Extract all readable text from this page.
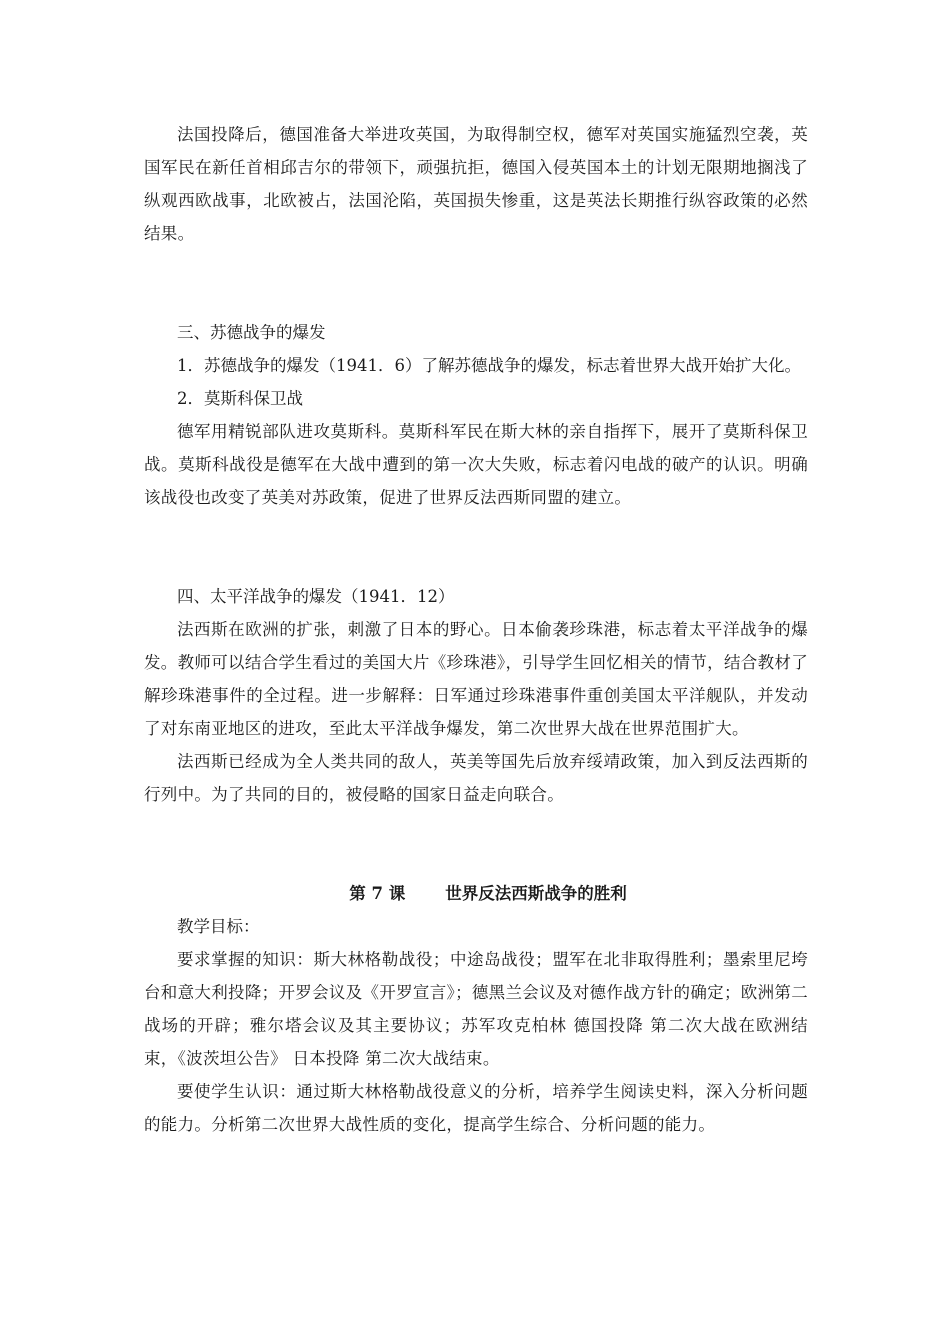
法国投降后，德国准备大举进攻英国，为取得制空权，德军对英国实施猛烈空袭，英国军民在新任首相邱吉尔的带领下，顽强抗拒，德国入侵英国本土的计划无限期地搁浅了纵观西欧战事，北欧被占，法国沦陷，英国损失惨重，这是英法长期推行纵容政策的必然结果。

三、苏德战争的爆发

1．苏德战争的爆发（1941．6）了解苏德战争的爆发，标志着世界大战开始扩大化。

2．莫斯科保卫战

德军用精锐部队进攻莫斯科。莫斯科军民在斯大林的亲自指挥下，展开了莫斯科保卫战。莫斯科战役是德军在大战中遭到的第一次大失败，标志着闪电战的破产的认识。明确该战役也改变了英美对苏政策，促进了世界反法西斯同盟的建立。

四、太平洋战争的爆发（1941．12）

法西斯在欧洲的扩张，刺激了日本的野心。日本偷袭珍珠港，标志着太平洋战争的爆发。教师可以结合学生看过的美国大片《珍珠港》，引导学生回忆相关的情节，结合教材了解珍珠港事件的全过程。进一步解释：日军通过珍珠港事件重创美国太平洋舰队，并发动了对东南亚地区的进攻，至此太平洋战争爆发，第二次世界大战在世界范围扩大。

法西斯已经成为全人类共同的敌人，英美等国先后放弃绥靖政策，加入到反法西斯的行列中。为了共同的目的，被侵略的国家日益走向联合。

第 7 课 世界反法西斯战争的胜利

教学目标：

要求掌握的知识：斯大林格勒战役；中途岛战役；盟军在北非取得胜利；墨索里尼垮台和意大利投降；开罗会议及《开罗宣言》；德黑兰会议及对德作战方针的确定；欧洲第二战场的开辟；雅尔塔会议及其主要协议；苏军攻克柏林 德国投降 第二次大战在欧洲结束，《波茨坦公告》 日本投降 第二次大战结束。

要使学生认识：通过斯大林格勒战役意义的分析，培养学生阅读史料，深入分析问题的能力。分析第二次世界大战性质的变化，提高学生综合、分析问题的能力。
